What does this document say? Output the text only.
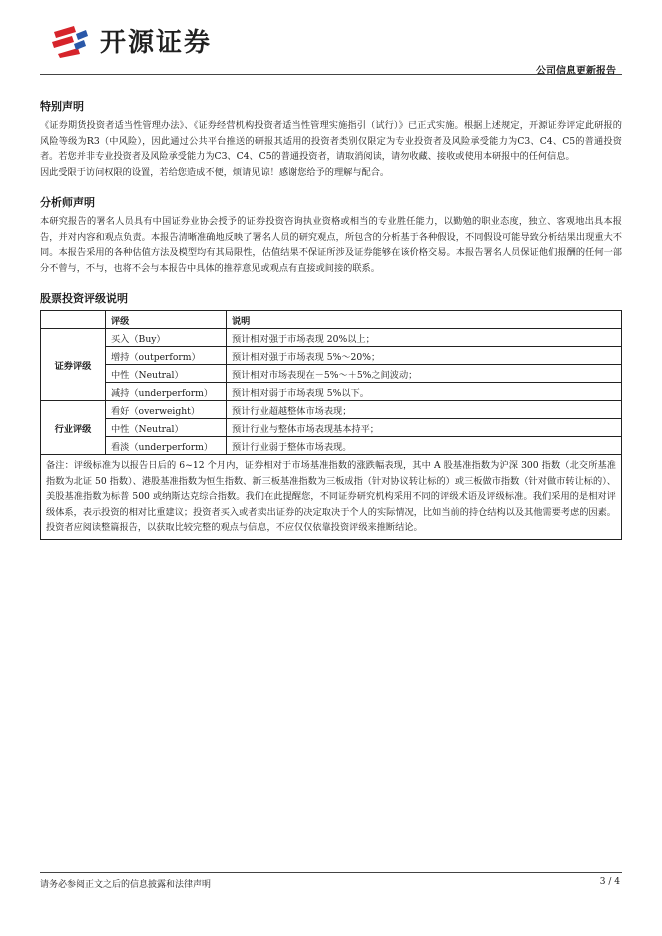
开源证券
公司信息更新报告
特别声明

《证券期货投资者适当性管理办法》、《证券经营机构投资者适当性管理实施指引（试行）》已正式实施。根据上述规定，开源证券评定此研报的风险等级为R3（中风险），因此通过公共平台推送的研报其适用的投资者类别仅限定为专业投资者及风险承受能力为C3、C4、C5的普通投资者。若您并非专业投资者及风险承受能力为C3、C4、C5的普通投资者，请取消阅读，请勿收藏、接收或使用本研报中的任何信息。

因此受限于访问权限的设置，若给您造成不便，烦请见谅！感谢您给予的理解与配合。

分析师声明

本研究报告的署名人员具有中国证券业协会授予的证券投资咨询执业资格或相当的专业胜任能力，以勤勉的职业态度，独立、客观地出具本报告，并对内容和观点负责。本报告清晰准确地反映了署名人员的研究观点，所包含的分析基于各种假设，不同假设可能导致分析结果出现重大不同。本报告采用的各种估值方法及模型均有其局限性，估值结果不保证所涉及证券能够在该价格交易。本报告署名人员保证他们报酬的任何一部分不曾与，不与，也将不会与本报告中具体的推荐意见或观点有直接或间接的联系。

股票投资评级说明
	评级	说明
证券评级	买入（Buy）	预计相对强于市场表现 20%以上；
	增持（outperform）	预计相对强于市场表现 5%～20%；
	中性（Neutral）	预计相对市场表现在－5%～＋5%之间波动；
	减持（underperform）	预计相对弱于市场表现 5%以下。
行业评级	看好（overweight）	预计行业超越整体市场表现；
	中性（Neutral）	预计行业与整体市场表现基本持平；
	看淡（underperform）	预计行业弱于整体市场表现。
备注：评级标准为以报告日后的 6~12 个月内，证券相对于市场基准指数的涨跌幅表现，其中 A 股基准指数为沪深 300 指数（北交所基准指数为北证 50 指数）、港股基准指数为恒生指数、新三板基准指数为三板成指（针对协议转让标的）或三板做市指数（针对做市转让标的）、美股基准指数为标普 500 或纳斯达克综合指数。我们在此提醒您，不同证券研究机构采用不同的评级术语及评级标准。我们采用的是相对评级体系，表示投资的相对比重建议；投资者买入或者卖出证券的决定取决于个人的实际情况，比如当前的持仓结构以及其他需要考虑的因素。投资者应阅读整篇报告，以获取比较完整的观点与信息，不应仅仅依靠投资评级来推断结论。		
请务必参阅正文之后的信息披露和法律声明	3 / 4
